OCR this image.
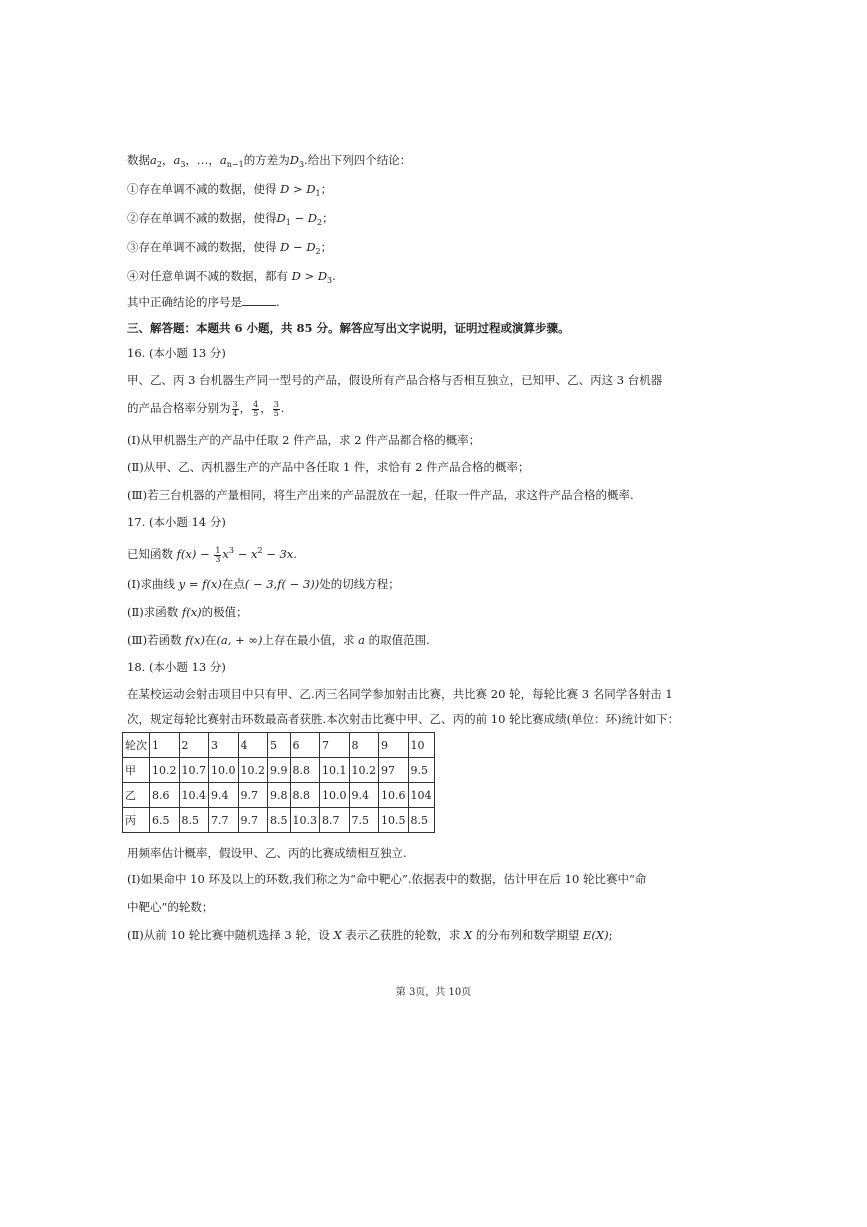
数据$a_2$，$a_3$，…，$a_{n-1}$的方差为$D_3$.给出下列四个结论：
①存在单调不减的数据，使得 $D > D_1$；
②存在单调不减的数据，使得$D_1 - D_2$；
③存在单调不减的数据，使得 $D - D_2$；
④对任意单调不减的数据，都有 $D > D_3$.
其中正确结论的序号是	.
三、解答题：本题共 6 小题，共 85 分。解答应写出文字说明，证明过程或演算步骤。
16. (本小题 13 分)
甲、乙、丙 3 台机器生产同一型号的产品，假设所有产品合格与否相互独立，已知甲、乙、丙这 3 台机器
的产品合格率分别为 $\frac{3}{4}$ ， $\frac{4}{5}$ ， $\frac{3}{5}$ .
(Ⅰ)从甲机器生产的产品中任取 2 件产品，求 2 件产品都合格的概率；
(Ⅱ)从甲、乙、丙机器生产的产品中各任取 1 件，求恰有 2 件产品合格的概率；
(Ⅲ)若三台机器的产量相同，将生产出来的产品混放在一起，任取一件产品，求这件产品合格的概率.
17. (本小题 14 分)
已知函数 $f(x) - \frac{1}{3} x^3 - x^2 - 3x$.
(Ⅰ)求曲线 y = f(x)在点( − 3,f( − 3))处的切线方程；
(Ⅱ)求函数 f(x)的极值；
(Ⅲ)若函数 f(x)在(a, + ∞)上存在最小值，求 a 的取值范围.
18. (本小题 13 分)
在某校运动会射击项目中只有甲、乙.丙三名同学参加射击比赛，共比赛 20 轮，每轮比赛 3 名同学各射击 1
次，规定每轮比赛射击环数最高者获胜.本次射击比赛中甲、乙、丙的前 10 轮比赛成绩(单位：环)统计如下：
轮次	1	2	3	4	5	6	7	8	9	10
甲	10.2	10.7	10.0	10.2	9.9	8.8	10.1	10.2	97	9.5
乙	8.6	10.4	9.4	9.7	9.8	8.8	10.0	9.4	10.6	104
丙	6.5	8.5	7.7	9.7	8.5	10.3	8.7	7.5	10.5	8.5
用频率估计概率，假设甲、乙、丙的比赛成绩相互独立.
(Ⅰ)如果命中 10 环及以上的环数,我们称之为“命中靶心”.依据表中的数据，估计甲在后 10 轮比赛中“命
中靶心”的轮数；
(Ⅱ)从前 10 轮比赛中随机选择 3 轮，设 X 表示乙获胜的轮数，求 X 的分布列和数学期望 E(X);
第 3页，共 10页
